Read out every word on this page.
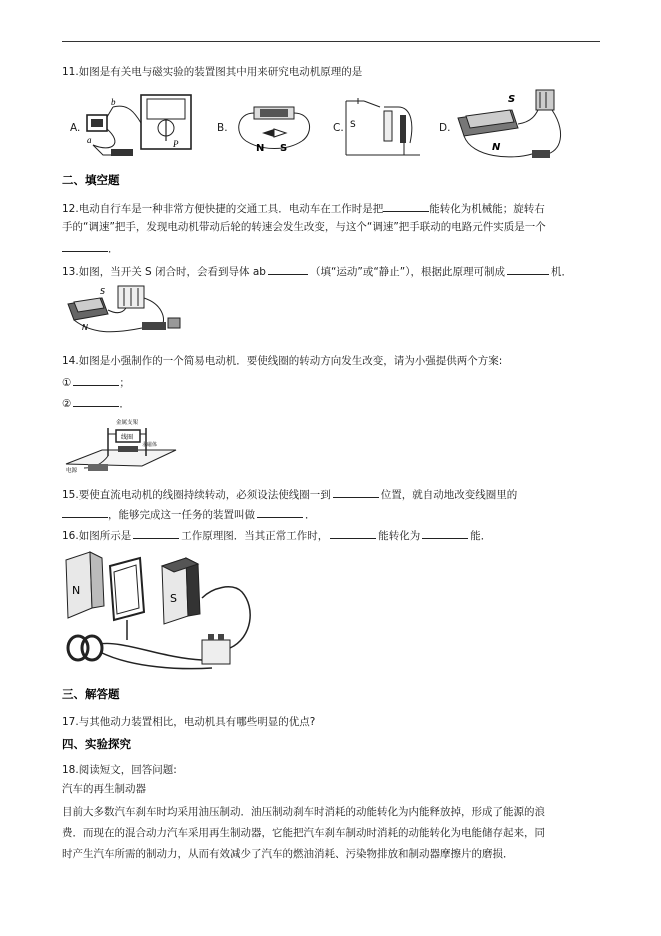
11.如图是有关电与磁实验的装置图其中用来研究电动机原理的是
A.
b
a	P
B.
N S
C. S	D.
S
N
二、填空题
12.电动自行车是一种非常方便快捷的交通工具．电动车在工作时是把	能转化为机械能；旋转右
手的“调速”把手，发现电动机带动后轮的转速会发生改变，与这个“调速”把手联动的电路元件实质是一个
．
13.如图，当开关 S 闭合时，会看到导体 ab	（填“运动”或“静止”），根据此原理可制成	机．
S
N
14.如图是小强制作的一个简易电动机．要使线圈的转动方向发生改变，请为小强提供两个方案:
①	；
②	．
金属支架
线圈
永磁体
电源
15.要使直流电动机的线圈持续转动，必须设法使线圈一到	位置，就自动地改变线圈里的
，能够完成这一任务的装置叫做	．
16.如图所示是	工作原理图．当其正常工作时，	能转化为	能．
N
S
三、解答题
17.与其他动力装置相比，电动机具有哪些明显的优点?
四、实验探究
18.阅读短文，回答问题:
汽车的再生制动器
目前大多数汽车刹车时均采用油压制动．油压制动刹车时消耗的动能转化为内能释放掉，形成了能源的浪
费．而现在的混合动力汽车采用再生制动器，它能把汽车刹车制动时消耗的动能转化为电能储存起来，同
时产生汽车所需的制动力，从而有效减少了汽车的燃油消耗、污染物排放和制动器摩擦片的磨损．
